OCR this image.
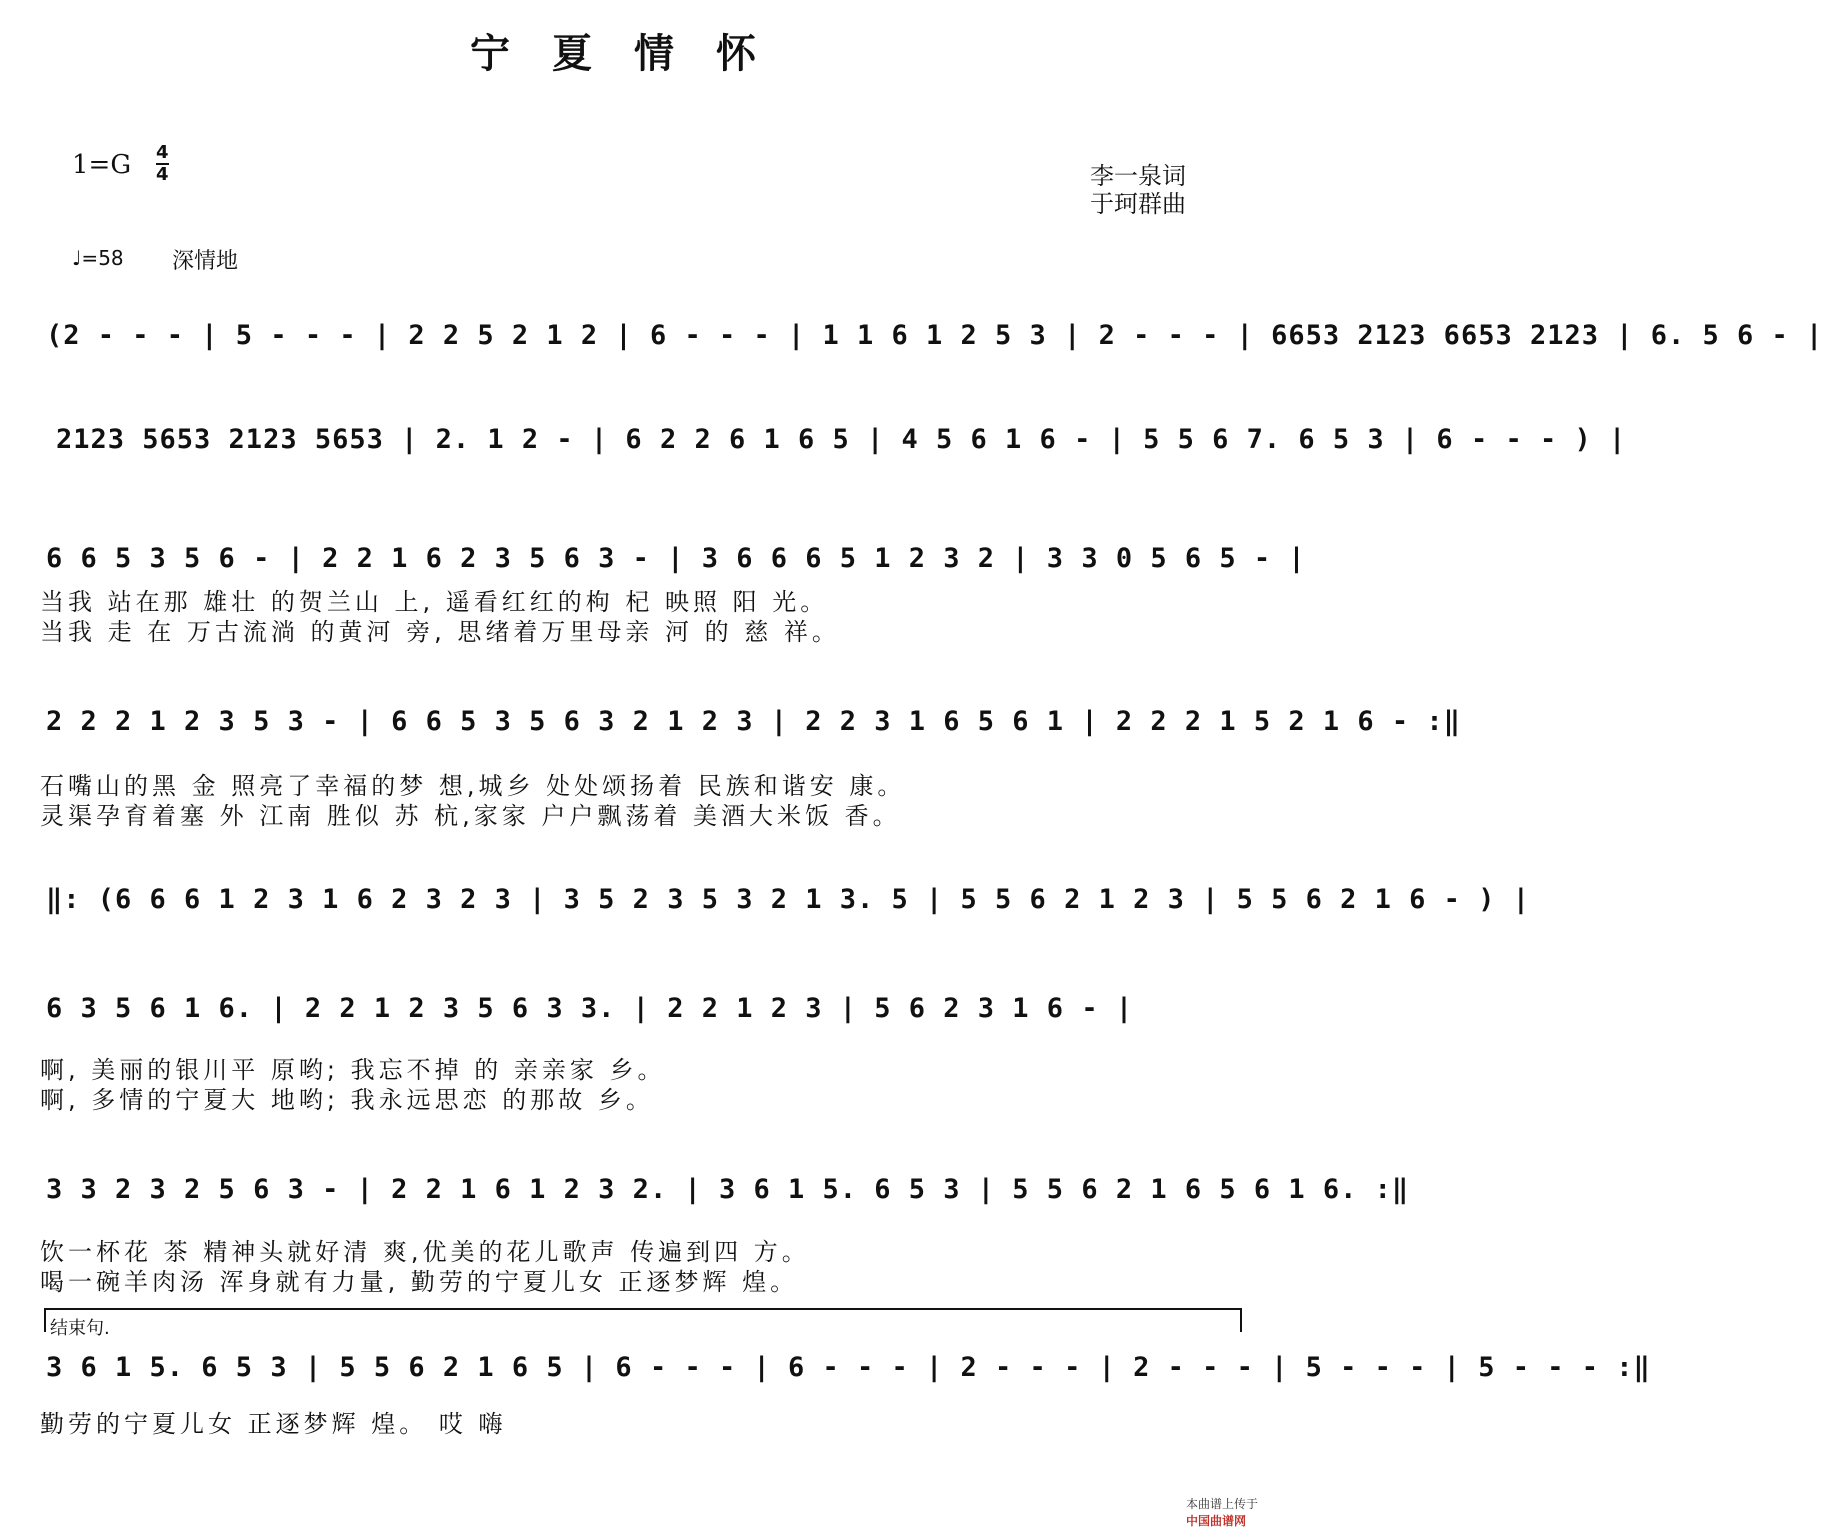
宁夏情怀
$1=G \frac{4}{4}$	李一泉词
于珂群曲
♩=58 深情地
(2 - - - | 5 - - - | 2 2 5 2 1 2 | 6 - - - | 1 1 6 1 2 5 3 | 2 - - - | 6653 2123 6653 2123 | 6. 5 6 - |
2123 5653 2123 5653 | 2. 1 2 - | 6 2 2 6 1 6 5 | 4 5 6 1 6 - | 5 5 6 7. 6 5 3 | 6 - - - ) |
6 6 5 3 5 6 - | 2 2 1 6 2 3 5 6 3 - | 3 6 6 6 5 1 2 3 2 | 3 3 0 5 6 5 - |
当我 站在那 雄壮 的贺兰山 上, 遥看红红的枸 杞 映照 阳 光。
当我 走 在 万古流淌 的黄河 旁, 思绪着万里母亲 河 的 慈 祥。
2 2 2 1 2 3 5 3 - | 6 6 5 3 5 6 3 2 1 2 3 | 2 2 3 1 6 5 6 1 | 2 2 2 1 5 2 1 6 - :‖
石嘴山的黑 金 照亮了幸福的梦 想,城乡 处处颂扬着 民族和谐安 康。
灵渠孕育着塞 外 江南 胜似 苏 杭,家家 户户飘荡着 美酒大米饭 香。
‖: (6 6 6 1 2 3 1 6 2 3 2 3 | 3 5 2 3 5 3 2 1 3. 5 | 5 5 6 2 1 2 3 | 5 5 6 2 1 6 - ) |
6 3 5 6 1 6. | 2 2 1 2 3 5 6 3 3. | 2 2 1 2 3 | 5 6 2 3 1 6 - |
啊, 美丽的银川平 原哟; 我忘不掉 的 亲亲家 乡。
啊, 多情的宁夏大 地哟; 我永远思恋 的那故 乡。
3 3 2 3 2 5 6 3 - | 2 2 1 6 1 2 3 2. | 3 6 1 5. 6 5 3 | 5 5 6 2 1 6 5 6 1 6. :‖
饮一杯花 茶 精神头就好清 爽,优美的花儿歌声 传遍到四 方。
喝一碗羊肉汤 浑身就有力量, 勤劳的宁夏儿女 正逐梦辉 煌。
结束句.
3 6 1 5. 6 5 3 | 5 5 6 2 1 6 5 | 6 - - - | 6 - - - | 2 - - - | 2 - - - | 5 - - - | 5 - - - :‖
勤劳的宁夏儿女 正逐梦辉 煌。 哎 嗨

本曲谱上传于
中国曲谱网
